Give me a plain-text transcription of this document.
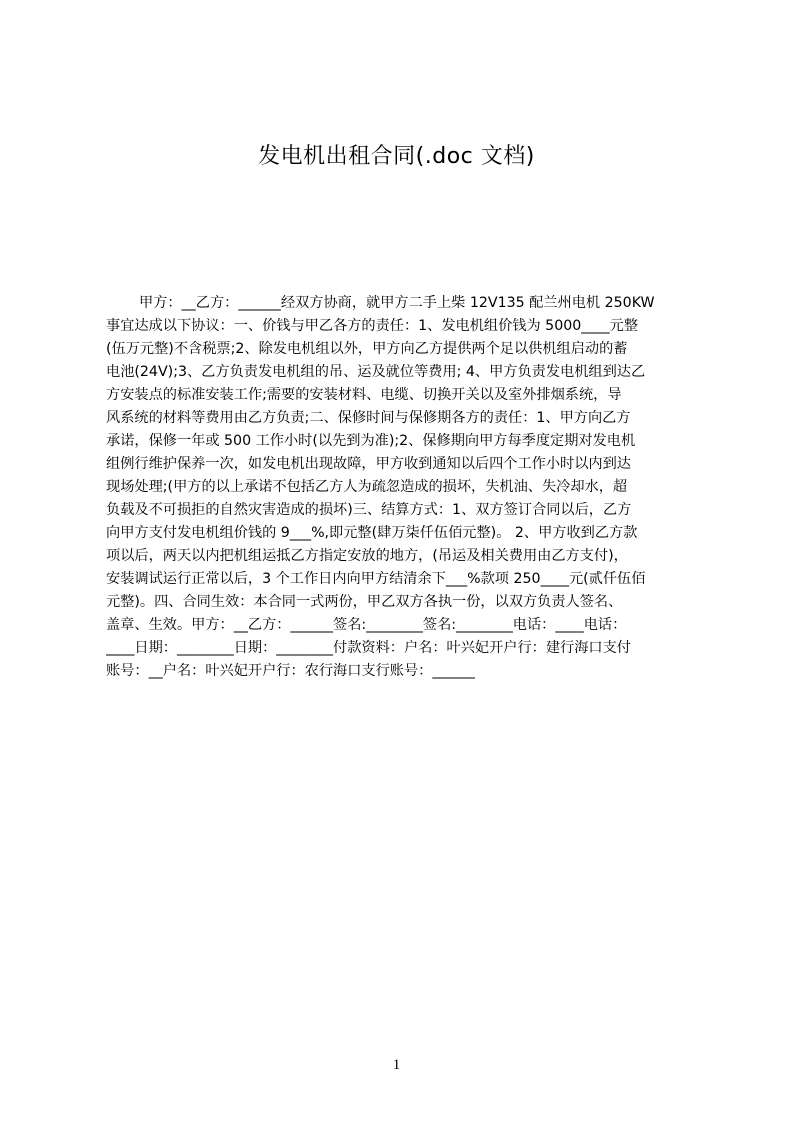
发电机出租合同(.doc 文档)
甲方：__乙方：______经双方协商，就甲方二手上柴 12V135 配兰州电机 250KW
事宜达成以下协议：一、价钱与甲乙各方的责任：1、发电机组价钱为 5000____元整
(伍万元整)不含税票;2、除发电机组以外，甲方向乙方提供两个足以供机组启动的蓄
电池(24V);3、乙方负责发电机组的吊、运及就位等费用; 4、甲方负责发电机组到达乙
方安装点的标准安装工作;需要的安装材料、电缆、切换开关以及室外排烟系统，导
风系统的材料等费用由乙方负责;二、保修时间与保修期各方的责任：1、甲方向乙方
承诺，保修一年或 500 工作小时(以先到为准);2、保修期向甲方每季度定期对发电机
组例行维护保养一次，如发电机出现故障，甲方收到通知以后四个工作小时以内到达
现场处理;(甲方的以上承诺不包括乙方人为疏忽造成的损坏，失机油、失冷却水，超
负载及不可损拒的自然灾害造成的损坏)三、结算方式：1、双方签订合同以后，乙方
向甲方支付发电机组价钱的 9___%,即元整(肆万柒仟伍佰元整)。 2、甲方收到乙方款
项以后，两天以内把机组运抵乙方指定安放的地方，(吊运及相关费用由乙方支付)，
安装调试运行正常以后，3 个工作日内向甲方结清余下___%款项 250____元(贰仟伍佰
元整)。四、合同生效：本合同一式两份，甲乙双方各执一份，以双方负责人签名、
盖章、生效。甲方：__乙方：______签名:________签名:________电话：____电话：
____日期：________日期：________付款资料：户名：叶兴妃开户行：建行海口支付
账号：__户名：叶兴妃开户行：农行海口支行账号：______
1
